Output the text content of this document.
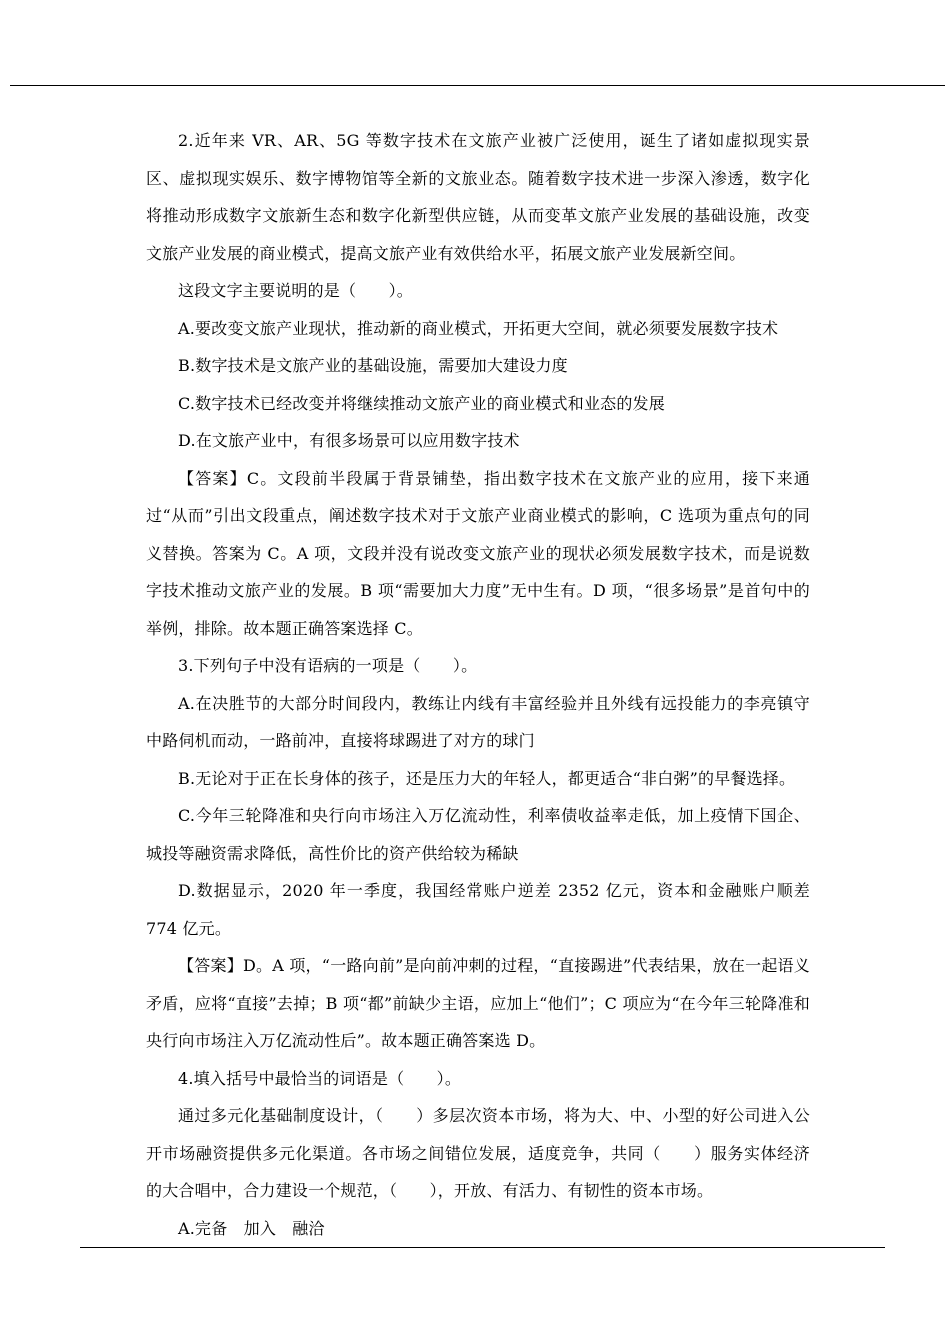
2.近年来 VR、AR、5G 等数字技术在文旅产业被广泛使用，诞生了诸如虚拟现实景区、虚拟现实娱乐、数字博物馆等全新的文旅业态。随着数字技术进一步深入渗透，数字化将推动形成数字文旅新生态和数字化新型供应链，从而变革文旅产业发展的基础设施，改变文旅产业发展的商业模式，提高文旅产业有效供给水平，拓展文旅产业发展新空间。

这段文字主要说明的是（　　）。

A.要改变文旅产业现状，推动新的商业模式，开拓更大空间，就必须要发展数字技术

B.数字技术是文旅产业的基础设施，需要加大建设力度

C.数字技术已经改变并将继续推动文旅产业的商业模式和业态的发展

D.在文旅产业中，有很多场景可以应用数字技术

【答案】C。文段前半段属于背景铺垫，指出数字技术在文旅产业的应用，接下来通过“从而”引出文段重点，阐述数字技术对于文旅产业商业模式的影响，C 选项为重点句的同义替换。答案为 C。A 项，文段并没有说改变文旅产业的现状必须发展数字技术，而是说数字技术推动文旅产业的发展。B 项“需要加大力度”无中生有。D 项，“很多场景”是首句中的举例，排除。故本题正确答案选择 C。

3.下列句子中没有语病的一项是（　　）。

A.在决胜节的大部分时间段内，教练让内线有丰富经验并且外线有远投能力的李亮镇守中路伺机而动，一路前冲，直接将球踢进了对方的球门

B.无论对于正在长身体的孩子，还是压力大的年轻人，都更适合“非白粥”的早餐选择。

C.今年三轮降准和央行向市场注入万亿流动性，利率债收益率走低，加上疫情下国企、城投等融资需求降低，高性价比的资产供给较为稀缺

D.数据显示，2020 年一季度，我国经常账户逆差 2352 亿元，资本和金融账户顺差 774 亿元。

【答案】D。A 项，“一路向前”是向前冲刺的过程，“直接踢进”代表结果，放在一起语义矛盾，应将“直接”去掉；B 项“都”前缺少主语，应加上“他们”；C 项应为“在今年三轮降准和央行向市场注入万亿流动性后”。故本题正确答案选 D。

4.填入括号中最恰当的词语是（　　）。

通过多元化基础制度设计，（　　）多层次资本市场，将为大、中、小型的好公司进入公开市场融资提供多元化渠道。各市场之间错位发展，适度竞争，共同（　　）服务实体经济的大合唱中，合力建设一个规范，（　　），开放、有活力、有韧性的资本市场。

A.完备　加入　融洽
